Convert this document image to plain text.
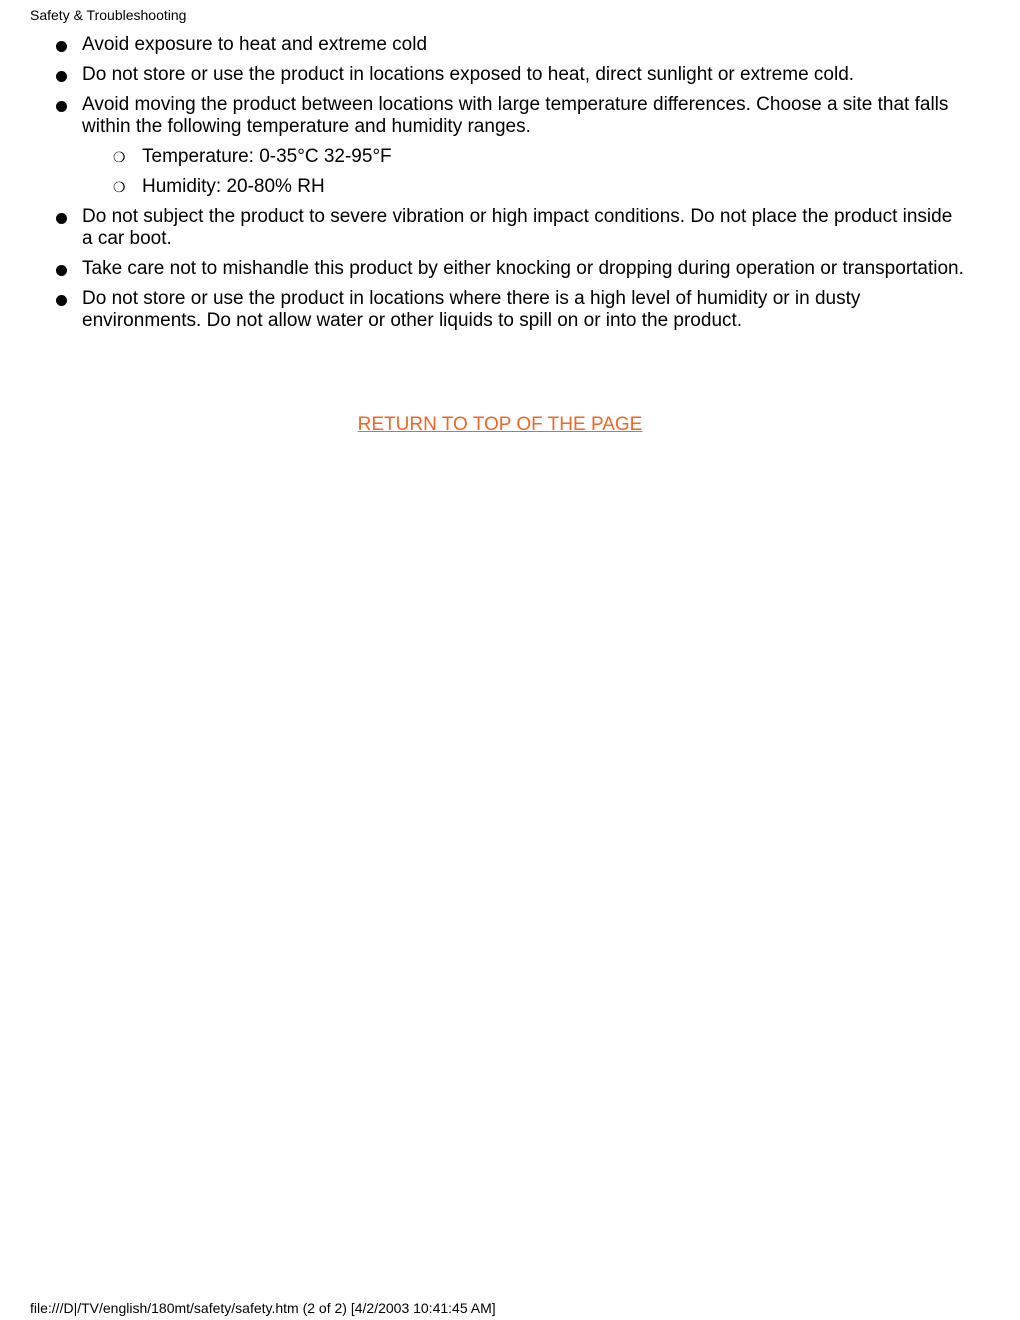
Safety & Troubleshooting
Avoid exposure to heat and extreme cold
Do not store or use the product in locations exposed to heat, direct sunlight or extreme cold.
Avoid moving the product between locations with large temperature differences. Choose a site that falls within the following temperature and humidity ranges.
❍ Temperature: 0-35°C 32-95°F
❍ Humidity: 20-80% RH
Do not subject the product to severe vibration or high impact conditions. Do not place the product inside a car boot.
Take care not to mishandle this product by either knocking or dropping during operation or transportation.
Do not store or use the product in locations where there is a high level of humidity or in dusty environments. Do not allow water or other liquids to spill on or into the product.
RETURN TO TOP OF THE PAGE
file:///D|/TV/english/180mt/safety/safety.htm (2 of 2) [4/2/2003 10:41:45 AM]
